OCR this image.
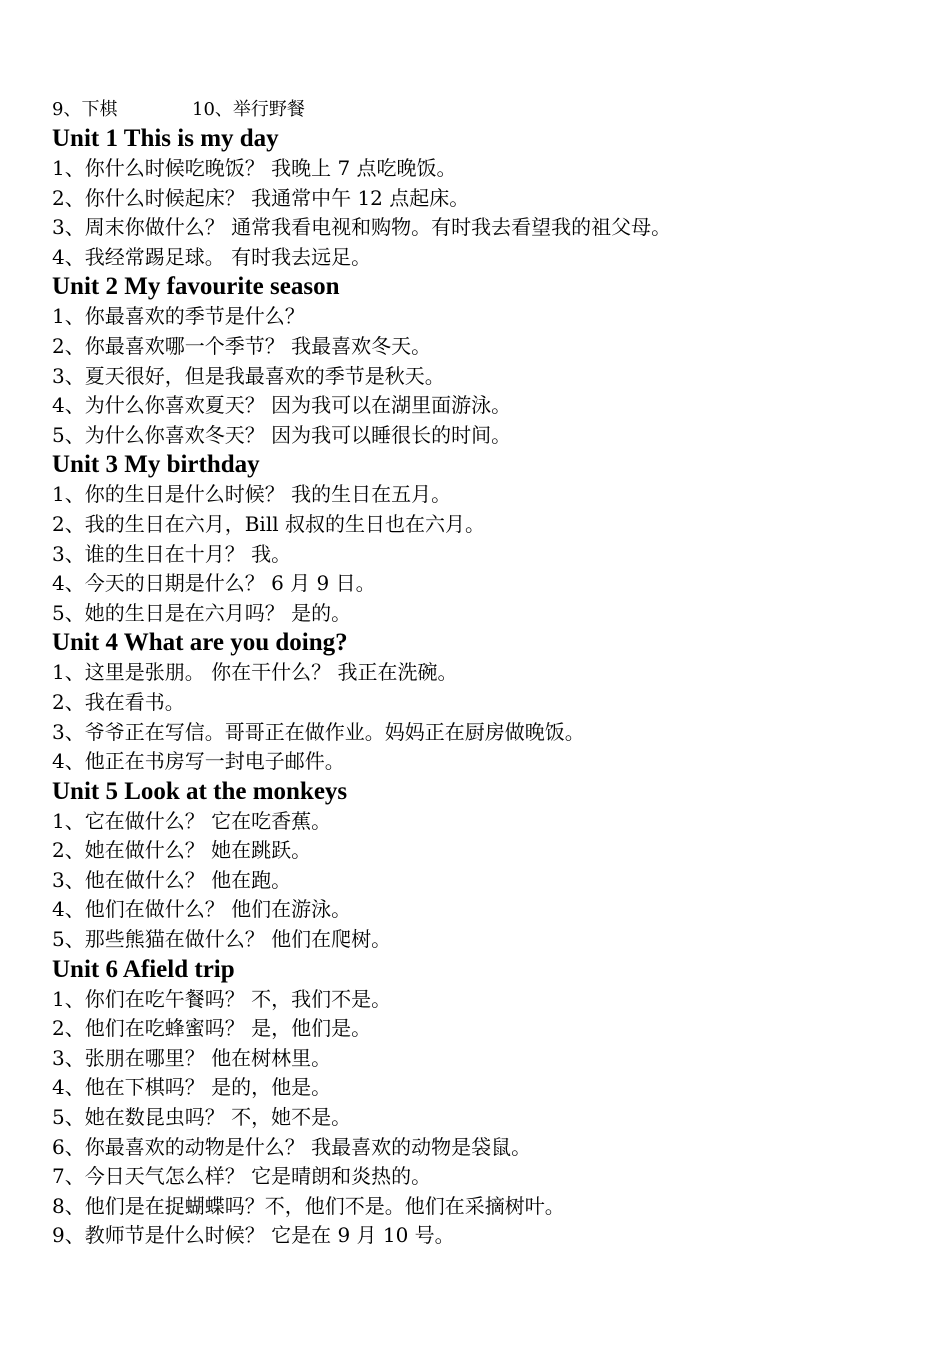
9、下棋	10、举行野餐
Unit 1 This is my day
1、你什么时候吃晚饭？ 我晚上 7 点吃晚饭。
2、你什么时候起床？ 我通常中午 12 点起床。
3、周末你做什么？ 通常我看电视和购物。有时我去看望我的祖父母。
4、我经常踢足球。 有时我去远足。
Unit 2 My favourite season
1、你最喜欢的季节是什么？
2、你最喜欢哪一个季节？ 我最喜欢冬天。
3、夏天很好，但是我最喜欢的季节是秋天。
4、为什么你喜欢夏天？ 因为我可以在湖里面游泳。
5、为什么你喜欢冬天？ 因为我可以睡很长的时间。
Unit 3 My birthday
1、你的生日是什么时候？ 我的生日在五月。
2、我的生日在六月，Bill 叔叔的生日也在六月。
3、谁的生日在十月？ 我。
4、今天的日期是什么？ 6 月 9 日。
5、她的生日是在六月吗？ 是的。
Unit 4 What are you doing?
1、这里是张朋。 你在干什么？ 我正在洗碗。
2、我在看书。
3、爷爷正在写信。哥哥正在做作业。妈妈正在厨房做晚饭。
4、他正在书房写一封电子邮件。
Unit 5 Look at the monkeys
1、它在做什么？ 它在吃香蕉。
2、她在做什么？ 她在跳跃。
3、他在做什么？ 他在跑。
4、他们在做什么？ 他们在游泳。
5、那些熊猫在做什么？ 他们在爬树。
Unit 6 Afield trip
1、你们在吃午餐吗？ 不，我们不是。
2、他们在吃蜂蜜吗？ 是，他们是。
3、张朋在哪里？ 他在树林里。
4、他在下棋吗？ 是的，他是。
5、她在数昆虫吗？ 不，她不是。
6、你最喜欢的动物是什么？ 我最喜欢的动物是袋鼠。
7、今日天气怎么样？ 它是晴朗和炎热的。
8、他们是在捉蝴蝶吗？不，他们不是。他们在采摘树叶。
9、教师节是什么时候？ 它是在 9 月 10 号。
